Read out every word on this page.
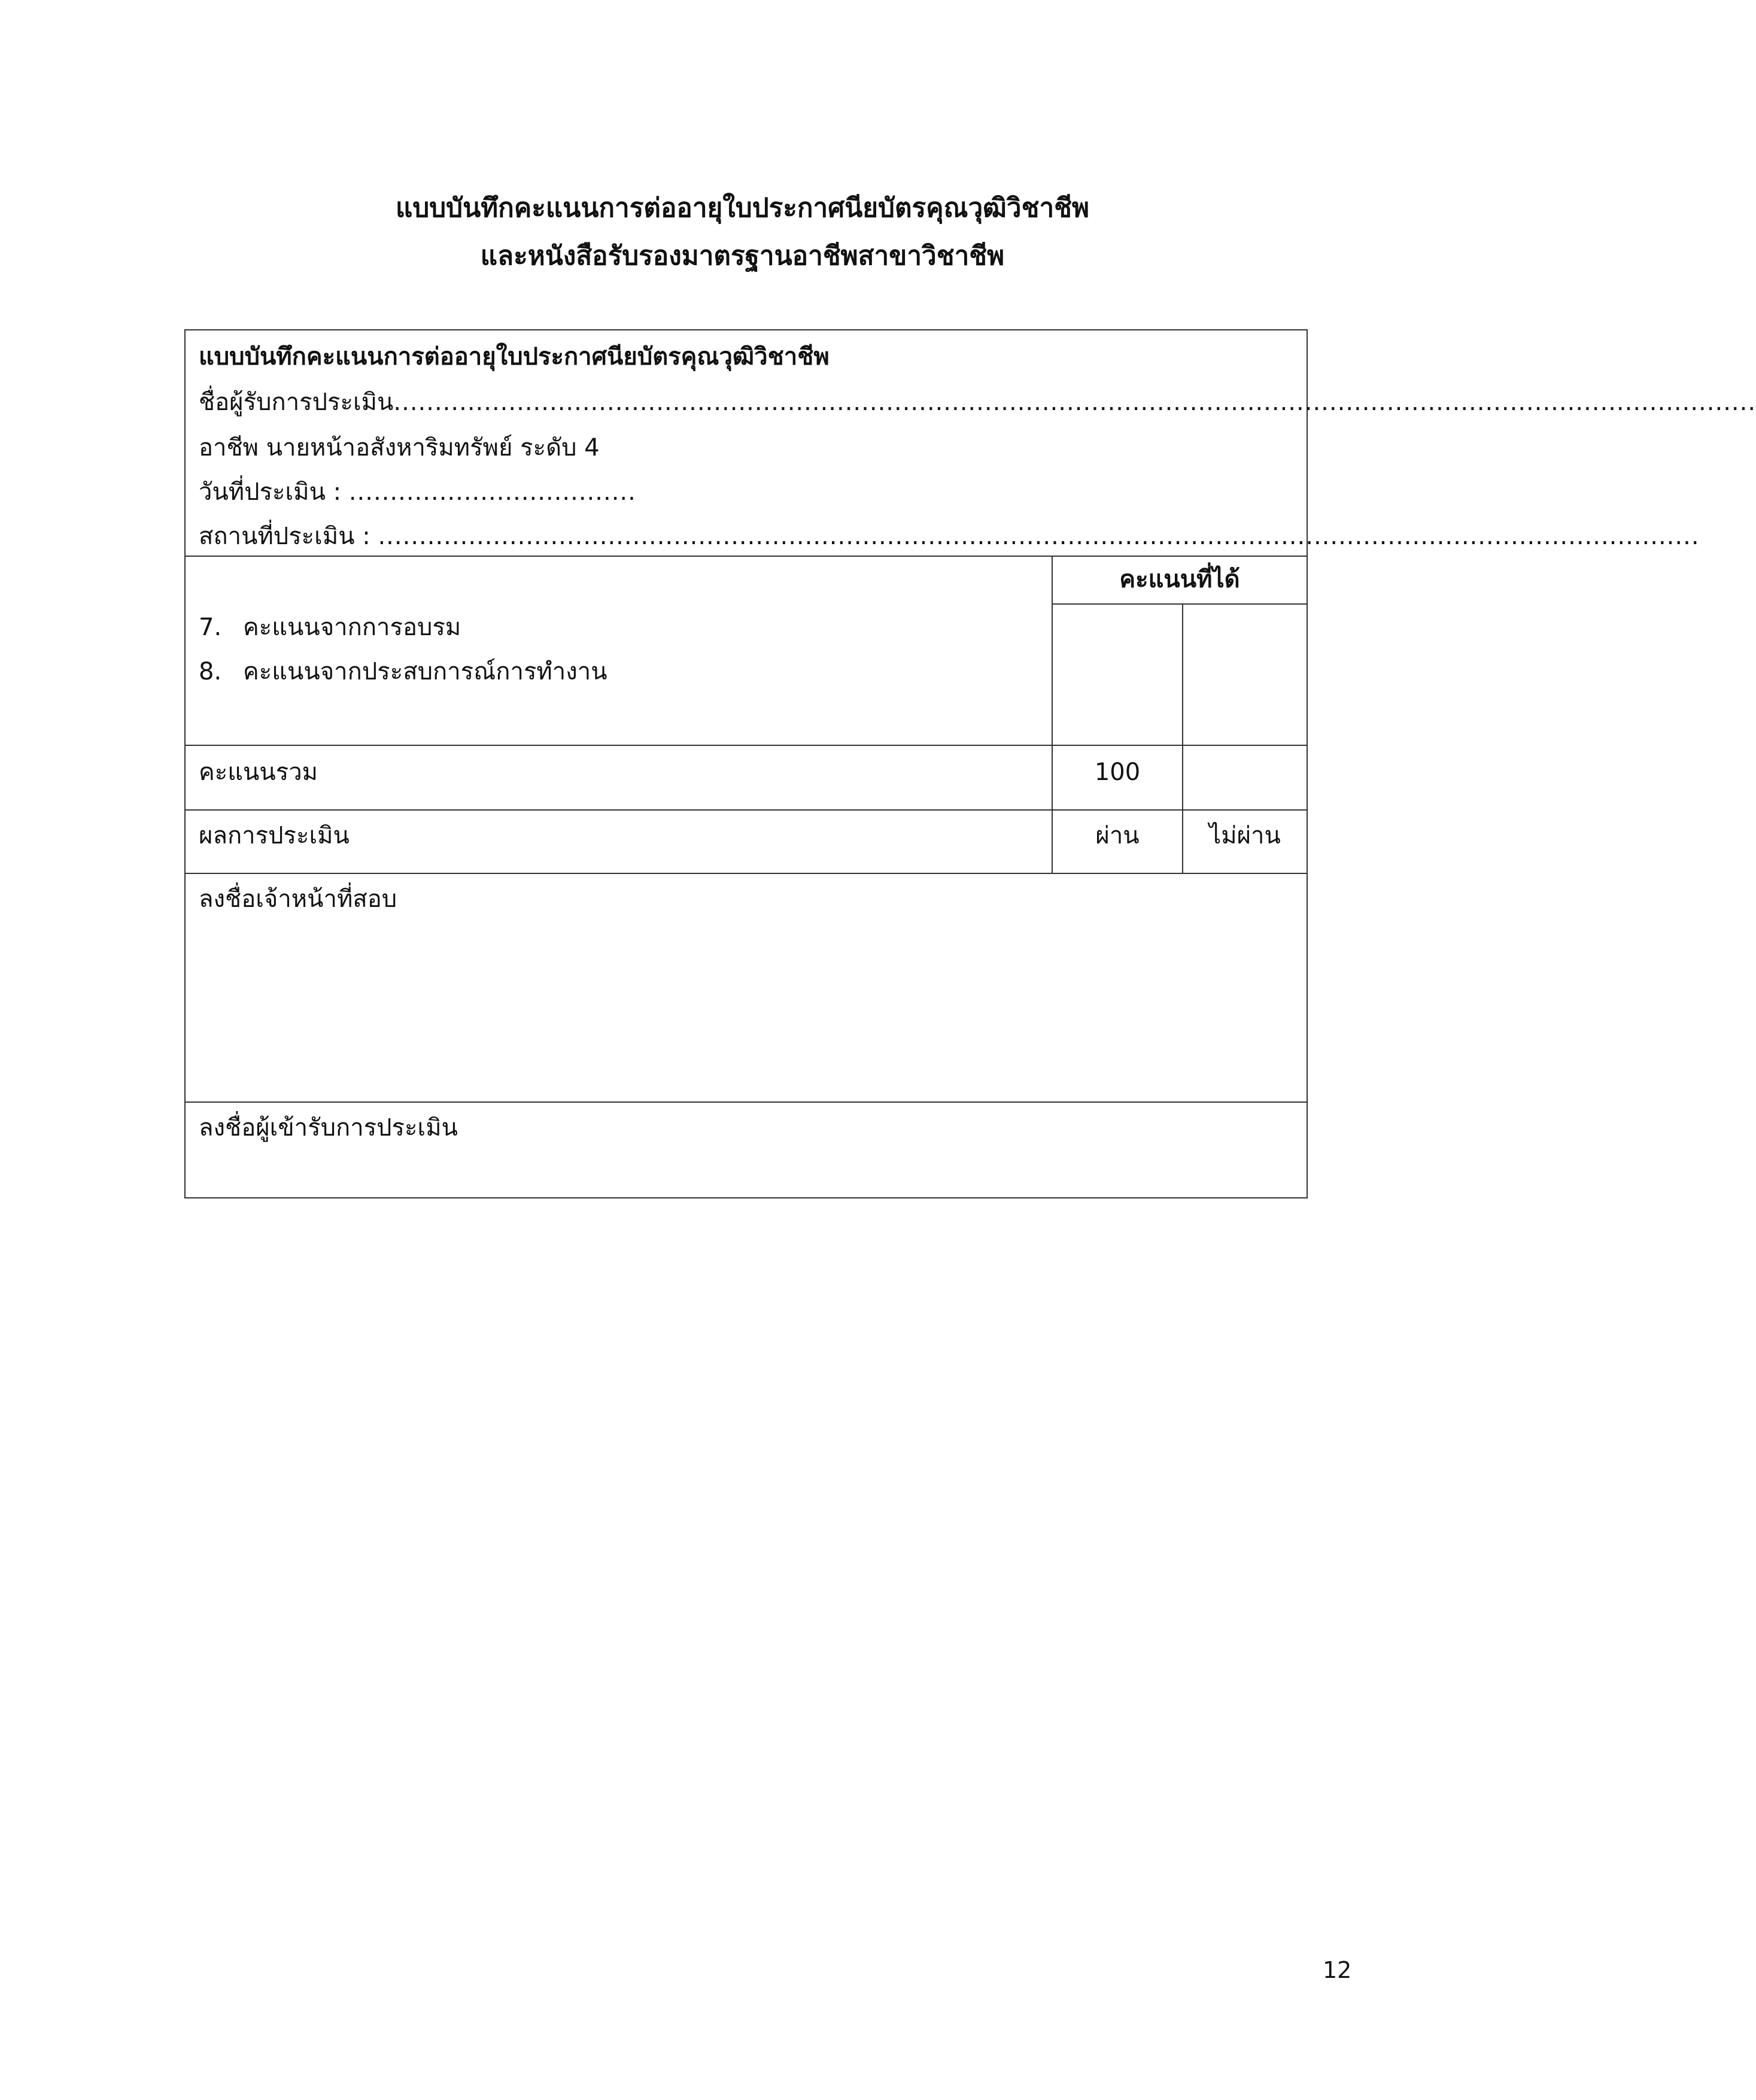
แบบบันทึกคะแนนการต่ออายุใบประกาศนียบัตรคุณวุฒิวิชาชีพ
และหนังสือรับรองมาตรฐานอาชีพสาขาวิชาชีพ
แบบบันทึกคะแนนการต่ออายุใบประกาศนียบัตรคุณวุฒิวิชาชีพ
ชื่อผู้รับการประเมิน......................................................................................................................................................................
อาชีพ นายหน้าอสังหาริมทรัพย์ ระดับ 4
วันที่ประเมิน : ...................................
สถานที่ประเมิน : .................................................................................................................................................................
คะแนนที่ได้
7. คะแนนจากการอบรม
8. คะแนนจากประสบการณ์การทำงาน
คะแนนรวม	100
ผลการประเมิน	ผ่าน	ไม่ผ่าน
ลงชื่อเจ้าหน้าที่สอบ
ลงชื่อผู้เข้ารับการประเมิน
12
